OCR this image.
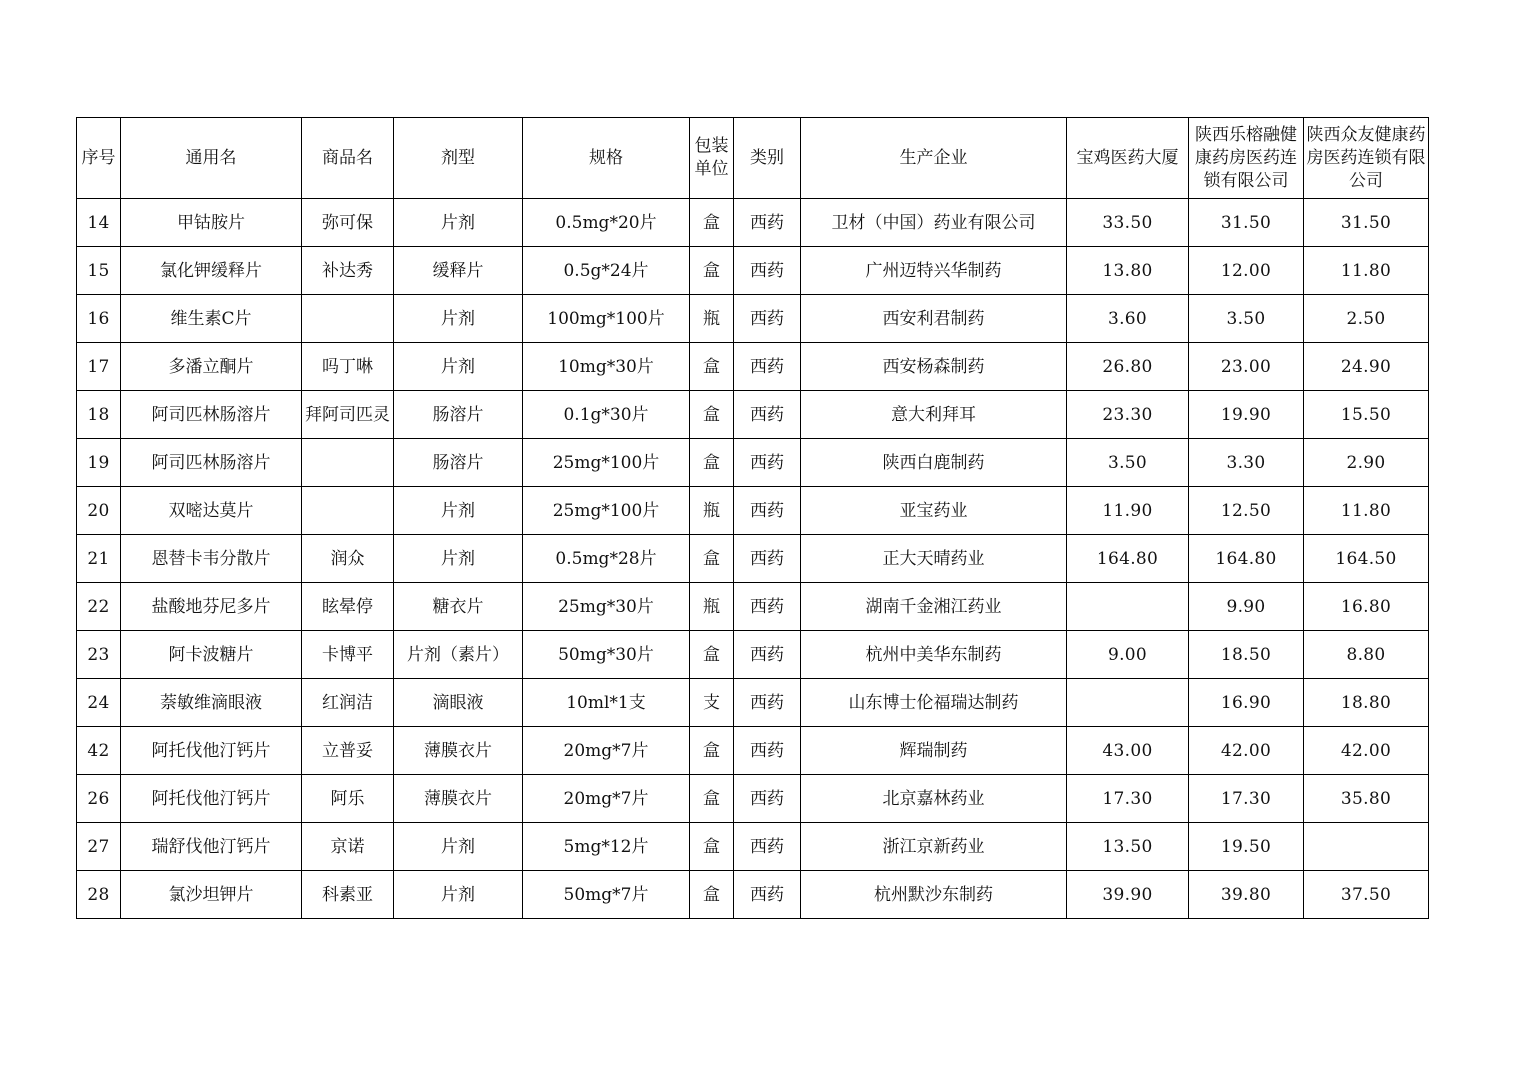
序号	通用名	商品名	剂型	规格	包装单位	类别	生产企业	宝鸡医药大厦	陕西乐榕融健康药房医药连锁有限公司	陕西众友健康药房医药连锁有限公司
14	甲钴胺片	弥可保	片剂	0.5mg*20片	盒	西药	卫材（中国）药业有限公司	33.50	31.50	31.50
15	氯化钾缓释片	补达秀	缓释片	0.5g*24片	盒	西药	广州迈特兴华制药	13.80	12.00	11.80
16	维生素C片		片剂	100mg*100片	瓶	西药	西安利君制药	3.60	3.50	2.50
17	多潘立酮片	吗丁啉	片剂	10mg*30片	盒	西药	西安杨森制药	26.80	23.00	24.90
18	阿司匹林肠溶片	拜阿司匹灵	肠溶片	0.1g*30片	盒	西药	意大利拜耳	23.30	19.90	15.50
19	阿司匹林肠溶片		肠溶片	25mg*100片	盒	西药	陕西白鹿制药	3.50	3.30	2.90
20	双嘧达莫片		片剂	25mg*100片	瓶	西药	亚宝药业	11.90	12.50	11.80
21	恩替卡韦分散片	润众	片剂	0.5mg*28片	盒	西药	正大天晴药业	164.80	164.80	164.50
22	盐酸地芬尼多片	眩晕停	糖衣片	25mg*30片	瓶	西药	湖南千金湘江药业		9.90	16.80
23	阿卡波糖片	卡博平	片剂（素片）	50mg*30片	盒	西药	杭州中美华东制药	9.00	18.50	8.80
24	萘敏维滴眼液	红润洁	滴眼液	10ml*1支	支	西药	山东博士伦福瑞达制药		16.90	18.80
42	阿托伐他汀钙片	立普妥	薄膜衣片	20mg*7片	盒	西药	辉瑞制药	43.00	42.00	42.00
26	阿托伐他汀钙片	阿乐	薄膜衣片	20mg*7片	盒	西药	北京嘉林药业	17.30	17.30	35.80
27	瑞舒伐他汀钙片	京诺	片剂	5mg*12片	盒	西药	浙江京新药业	13.50	19.50	
28	氯沙坦钾片	科素亚	片剂	50mg*7片	盒	西药	杭州默沙东制药	39.90	39.80	37.50
